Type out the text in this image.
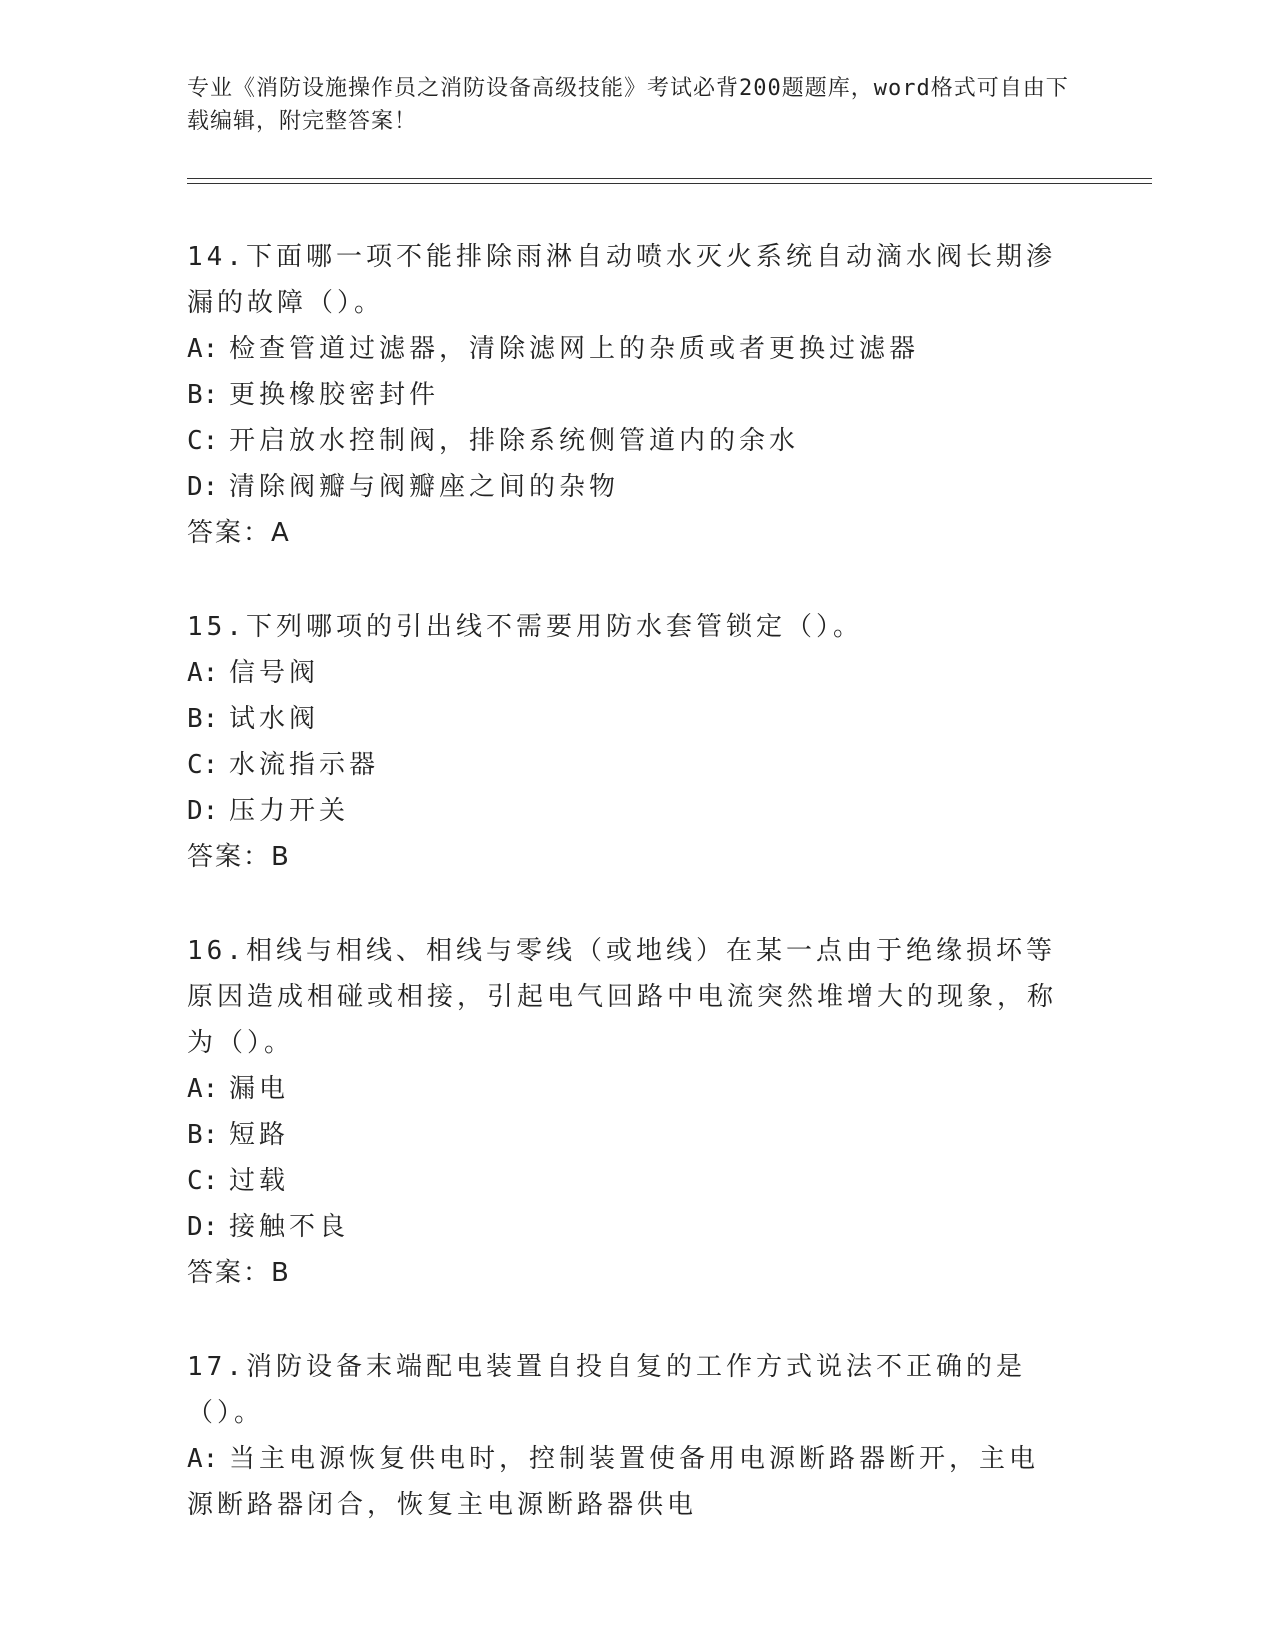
专业《消防设施操作员之消防设备高级技能》考试必背200题题库，word格式可自由下载编辑，附完整答案！
14.下面哪一项不能排除雨淋自动喷水灭火系统自动滴水阀长期渗漏的故障（）。
A: 检查管道过滤器，清除滤网上的杂质或者更换过滤器
B: 更换橡胶密封件
C: 开启放水控制阀，排除系统侧管道内的余水
D: 清除阀瓣与阀瓣座之间的杂物
答案：A
15.下列哪项的引出线不需要用防水套管锁定（）。
A: 信号阀
B: 试水阀
C: 水流指示器
D: 压力开关
答案：B
16.相线与相线、相线与零线（或地线）在某一点由于绝缘损坏等原因造成相碰或相接，引起电气回路中电流突然堆增大的现象，称为（）。
A: 漏电
B: 短路
C: 过载
D: 接触不良
答案：B
17.消防设备末端配电装置自投自复的工作方式说法不正确的是（）。
A: 当主电源恢复供电时，控制装置使备用电源断路器断开，主电源断路器闭合，恢复主电源断路器供电
